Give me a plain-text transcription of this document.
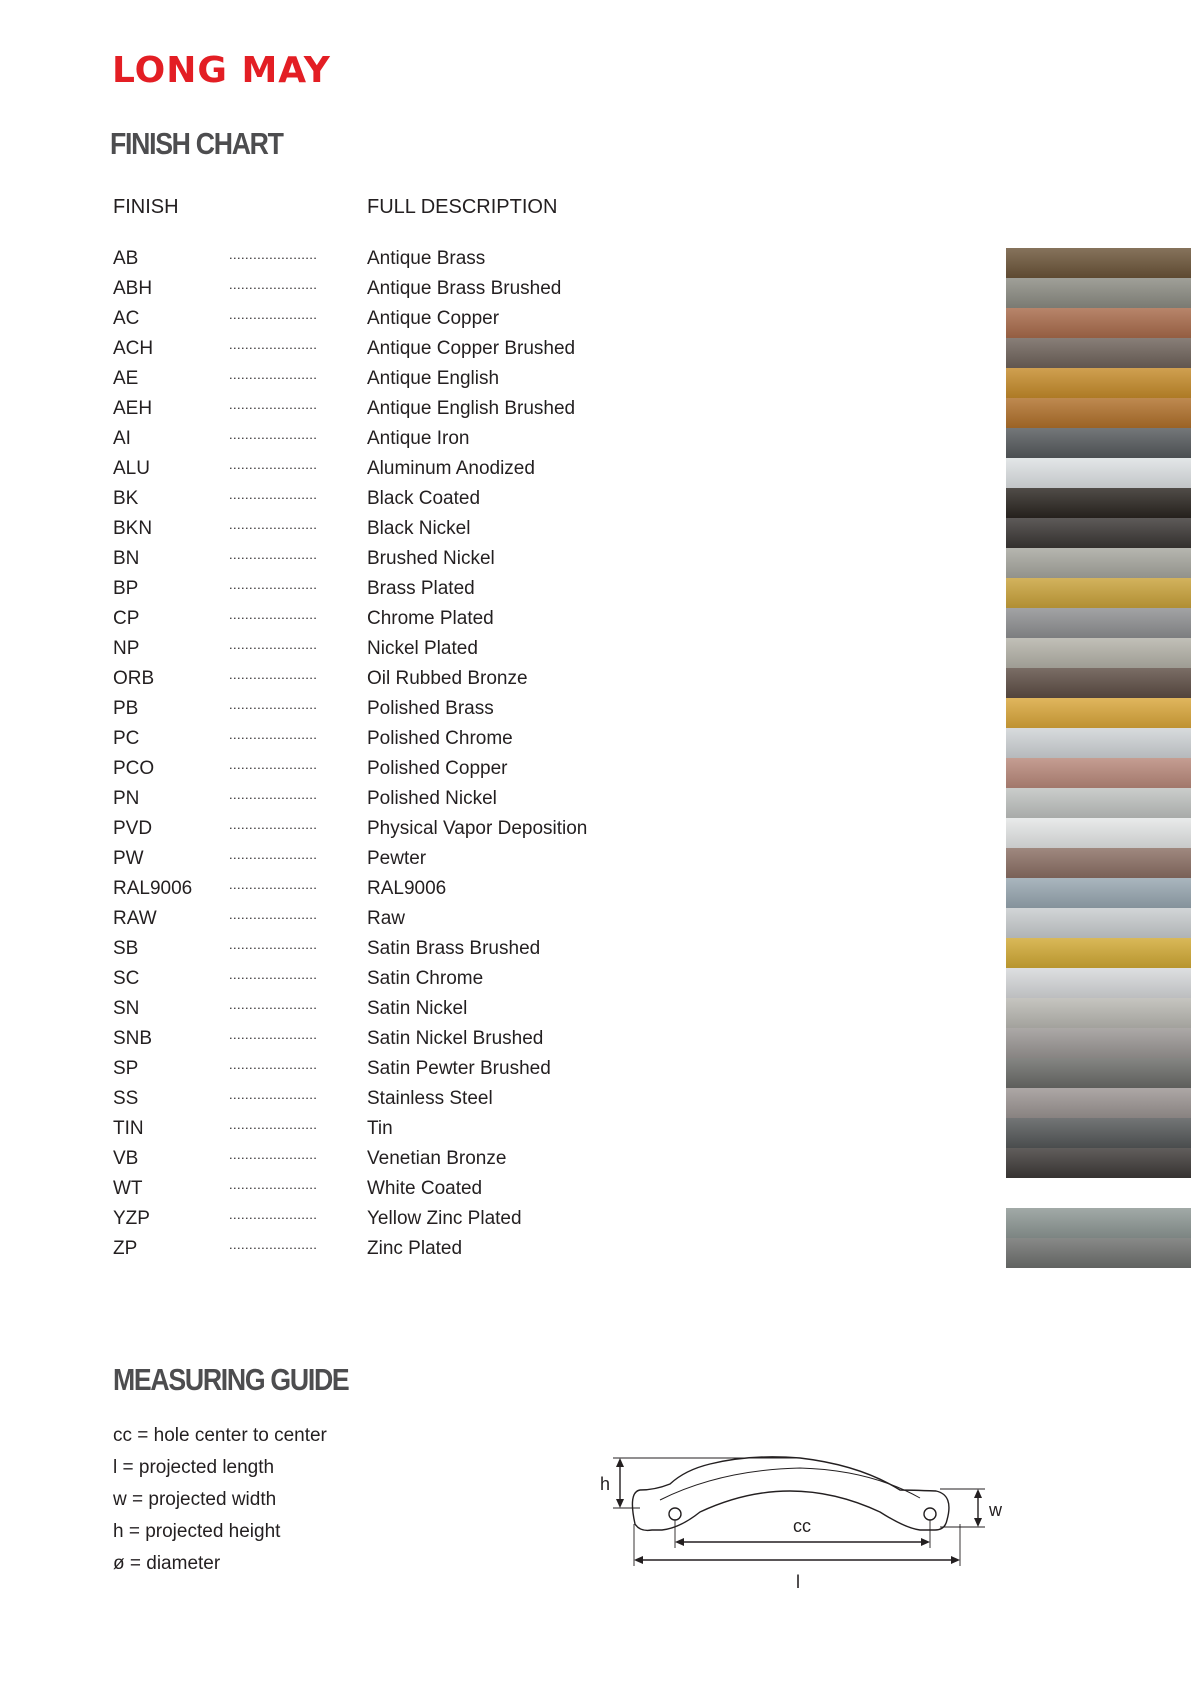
LONG MAY
FINISH CHART
FINISH	FULL DESCRIPTION
AB	......................	Antique Brass
ABH	......................	Antique Brass Brushed
AC	......................	Antique Copper
ACH	......................	Antique Copper Brushed
AE	......................	Antique English
AEH	......................	Antique English Brushed
AI	......................	Antique Iron
ALU	......................	Aluminum Anodized
BK	......................	Black Coated
BKN	......................	Black Nickel
BN	......................	Brushed Nickel
BP	......................	Brass Plated
CP	......................	Chrome Plated
NP	......................	Nickel Plated
ORB	......................	Oil Rubbed Bronze
PB	......................	Polished Brass
PC	......................	Polished Chrome
PCO	......................	Polished Copper
PN	......................	Polished Nickel
PVD	......................	Physical Vapor Deposition
PW	......................	Pewter
RAL9006	......................	RAL9006
RAW	......................	Raw
SB	......................	Satin Brass Brushed
SC	......................	Satin Chrome
SN	......................	Satin Nickel
SNB	......................	Satin Nickel Brushed
SP	......................	Satin Pewter Brushed
SS	......................	Stainless Steel
TIN	......................	Tin
VB	......................	Venetian Bronze
WT	......................	White Coated
YZP	......................	Yellow Zinc Plated
ZP	......................	Zinc Plated
MEASURING GUIDE
cc = hole center to center
l = projected length
w = projected width
h = projected height
ø = diameter
h
w
cc
l
